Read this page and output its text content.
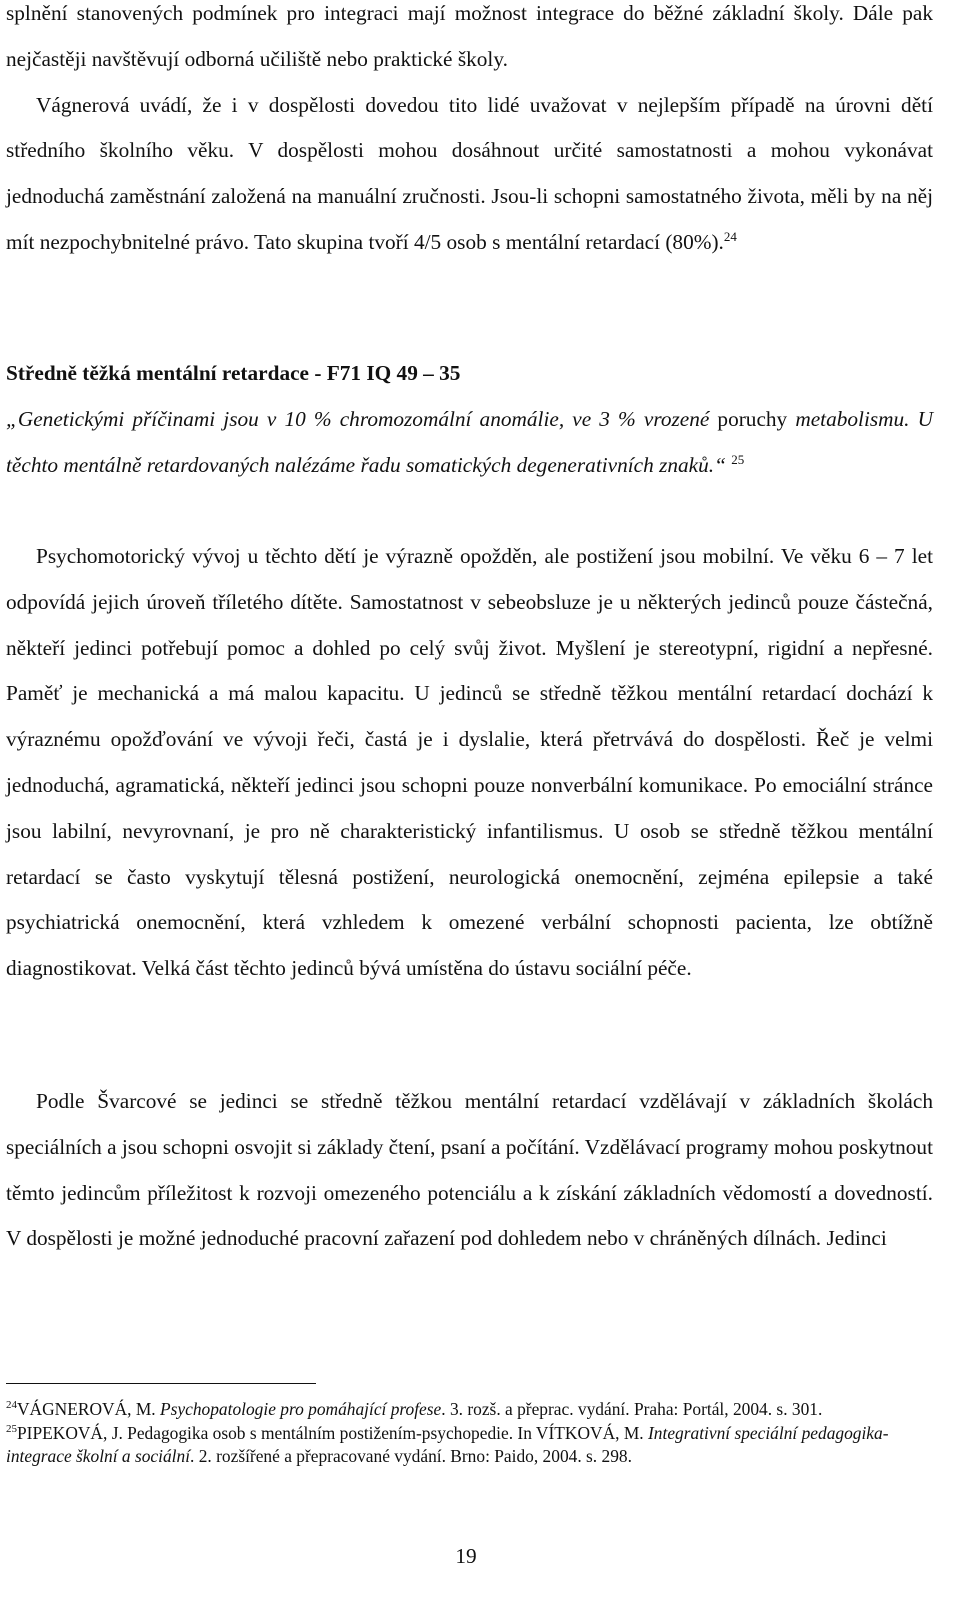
splnění stanovených podmínek pro integraci mají možnost integrace do běžné základní školy. Dále pak nejčastěji navštěvují odborná učiliště nebo praktické školy.
Vágnerová uvádí, že i v dospělosti dovedou tito lidé uvažovat v nejlepším případě na úrovni dětí středního školního věku. V dospělosti mohou dosáhnout určité samostatnosti a mohou vykonávat jednoduchá zaměstnání založená na manuální zručnosti. Jsou-li schopni samostatného života, měli by na něj mít nezpochybnitelné právo. Tato skupina tvoří 4/5 osob s mentální retardací (80%).$^{24}$

Středně těžká mentální retardace - F71 IQ 49 – 35

„Genetickými příčinami jsou v 10 % chromozomální anomálie, ve 3 % vrozené poruchy metabolismu. U těchto mentálně retardovaných nalézáme řadu somatických degenerativních znaků.“ $^{25}$

Psychomotorický vývoj u těchto dětí je výrazně opožděn, ale postižení jsou mobilní. Ve věku 6 – 7 let odpovídá jejich úroveň tříletého dítěte. Samostatnost v sebeobsluze je u některých jedinců pouze částečná, někteří jedinci potřebují pomoc a dohled po celý svůj život. Myšlení je stereotypní, rigidní a nepřesné. Paměť je mechanická a má malou kapacitu. U jedinců se středně těžkou mentální retardací dochází k výraznému opožďování ve vývoji řeči, častá je i dyslalie, která přetrvává do dospělosti. Řeč je velmi jednoduchá, agramatická, někteří jedinci jsou schopni pouze nonverbální komunikace. Po emociální stránce jsou labilní, nevyrovnaní, je pro ně charakteristický infantilismus. U osob se středně těžkou mentální retardací se často vyskytují tělesná postižení, neurologická onemocnění, zejména epilepsie a také psychiatrická onemocnění, která vzhledem k omezené verbální schopnosti pacienta, lze obtížně diagnostikovat. Velká část těchto jedinců bývá umístěna do ústavu sociální péče.

Podle Švarcové se jedinci se středně těžkou mentální retardací vzdělávají v základních školách speciálních a jsou schopni osvojit si základy čtení, psaní a počítání. Vzdělávací programy mohou poskytnout těmto jedincům příležitost k rozvoji omezeného potenciálu a k získání základních vědomostí a dovedností. V dospělosti je možné jednoduché pracovní zařazení pod dohledem nebo v chráněných dílnách. Jedinci

$^{24}$VÁGNEROVÁ, M. Psychopatologie pro pomáhající profese. 3. rozš. a přeprac. vydání. Praha: Portál, 2004. s. 301.

$^{25}$PIPEKOVÁ, J. Pedagogika osob s mentálním postižením-psychopedie. In VÍTKOVÁ, M. Integrativní speciální pedagogika-integrace školní a sociální. 2. rozšířené a přepracované vydání. Brno: Paido, 2004. s. 298.

19
